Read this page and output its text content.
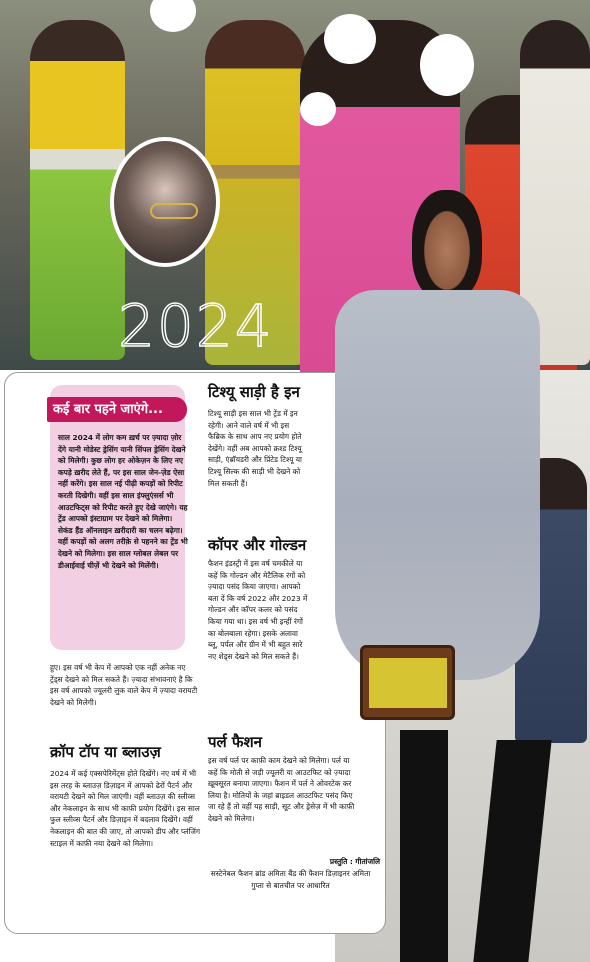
2024
कई बार पहने जाएंगे...
साल 2024 में लोग कम ख़र्च पर ज़्यादा ज़ोर देंगे यानी मोडेस्ट ड्रेसिंग यानी सिंपल ड्रेसिंग देखने को मिलेगी। कुछ लोग हर ओकेज़न के लिए नए कपड़े ख़रीद लेते हैं, पर इस साल जेन-ज़ेड ऐसा नहीं करेंगे। इस साल नई पीढ़ी कपड़ों को रिपीट करती दिखेगी। वहीं इस साल इंफ्लुएंसर्स भी आउटफिट्स को रिपीट करते हुए देखे जाएंगे। यह ट्रेंड आपको इंस्टाग्राम पर देखने को मिलेगा। सेकंड हैंड ऑनलाइन ख़रीदारी का चलन बढ़ेगा। वहीं कपड़ों को अलग तरीक़े से पहनने का ट्रेंड भी देखने को मिलेगा। इस साल ग्लोबल लेबल पर डीआईवाई चीज़ें भी देखने को मिलेंगी।
हुए। इस वर्ष भी केप में आपको एक नहीं अनेक नए ट्रेंड्स देखने को मिल सकते हैं। ज़्यादा संभावनाएं है कि इस वर्ष आपको ज्यूलरी लुक वाले केप में ज़्यादा वरायटी देखने को मिलेगी।
क्रॉप टॉप या ब्लाउज़
2024 में कई एक्सपेरिमेंट्स होते दिखेंगे। नए वर्ष में भी इस तरह के ब्लाउज़ डिज़ाइन में आपको ढेरों पैटर्न और वरायटी देखने को मिल जाएंगी। वहीं ब्लाउज़ की स्लीव्स और नेकलाइन के साथ भी काफ़ी प्रयोग दिखेंगे। इस साल फुल स्लीव्स पैटर्न और डिज़ाइन में बदलाव दिखेंगे। वहीं नेकलाइन की बात की जाए, तो आपको डीप और प्लंजिंग स्टाइल में काफ़ी नया देखने को मिलेगा।
टिश्यू साड़ी है इन
टिश्यू साड़ी इस साल भी ट्रेंड में इन रहेगी। आने वाले वर्ष में भी इस फैब्रिक के साथ आप नए प्रयोग होते देखेंगे। वहीं अब आपको क्रश्ड टिश्यू साड़ी, एंब्रॉयडरी और प्रिंटेड टिश्यू या टिश्यू सिल्क की साड़ी भी देखने को मिल सकती हैं।
कॉपर और गोल्डन
फैशन इंडस्ट्री में इस वर्ष चमकीले या कहें कि गोल्डन और मेटैलिक रंगों को ज़्यादा पसंद किया जाएगा। आपको बता दें कि वर्ष 2022 और 2023 में गोल्डन और कॉपर कलर को पसंद किया गया था। इस वर्ष भी इन्हीं रंगों का बोलबाला रहेगा। इसके अलावा ब्लू, पर्पल और ग्रीन में भी बहुत सारे नए शेड्स देखने को मिल सकते हैं।
पर्ल फैशन
इस वर्ष पर्ल पर काफ़ी काम देखने को मिलेगा। पर्ल या कहें कि मोती से जड़ी ज्यूलरी या आउटफिट को ज़्यादा ख़ूबसूरत बनाया जाएगा। फैशन में पर्ल ने ओवरटेक कर लिया है। मोतियों के जहां ब्राइडल आउटफिट पसंद किए जा रहे हैं तो वहीं यह साड़ी, सूट और ड्रेसेज़ में भी काफ़ी देखने को मिलेगा।
प्रस्तुति : गीतांजलि
सस्टेनेबल फैशन ब्रांड अमिता बैंड की फैशन डिज़ाइनर अमिता गुप्ता से बातचीत पर आधारित
